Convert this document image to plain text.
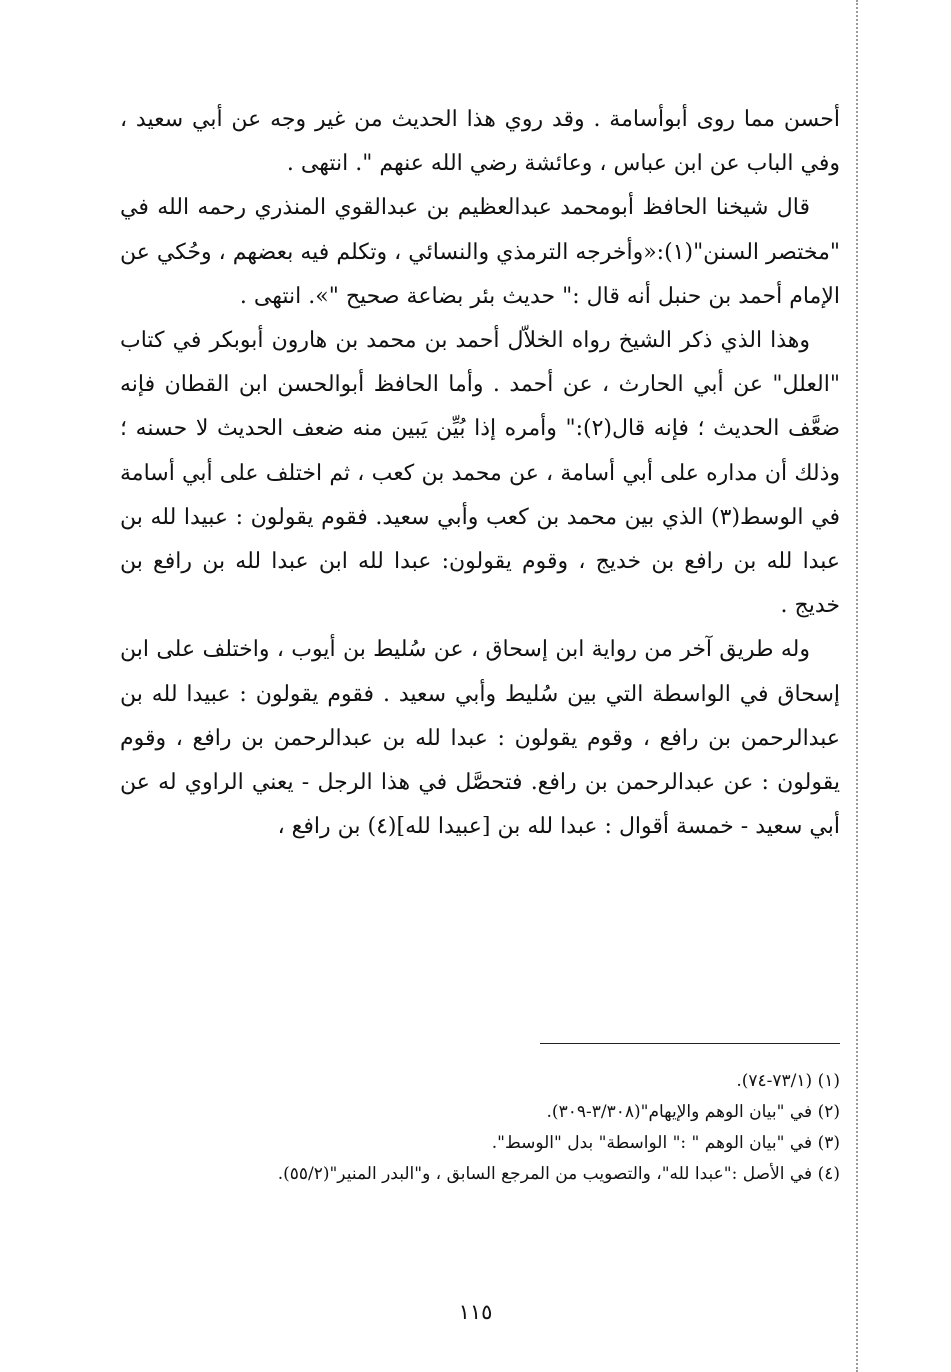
أحسن مما روى أبوأسامة . وقد روي هذا الحديث من غير وجه عن أبي سعيد ، وفي الباب عن ابن عباس ، وعائشة رضي الله عنهم ". انتهى .

قال شيخنا الحافظ أبومحمد عبدالعظيم بن عبدالقوي المنذري رحمه الله في "مختصر السنن"(١):«وأخرجه الترمذي والنسائي ، وتكلم فيه بعضهم ، وحُكي عن الإمام أحمد بن حنبل أنه قال :" حديث بئر بضاعة صحيح "». انتهى .

وهذا الذي ذكر الشيخ رواه الخلاّل أحمد بن محمد بن هارون أبوبكر في كتاب "العلل" عن أبي الحارث ، عن أحمد . وأما الحافظ أبوالحسن ابن القطان فإنه ضعَّف الحديث ؛ فإنه قال(٢):" وأمره إذا بُيِّن يَبين منه ضعف الحديث لا حسنه ؛ وذلك أن مداره على أبي أسامة ، عن محمد بن كعب ، ثم اختلف على أبي أسامة في الوسط(٣) الذي بين محمد بن كعب وأبي سعيد. فقوم يقولون : عبيدا لله بن عبدا لله بن رافع بن خديج ، وقوم يقولون: عبدا لله ابن عبدا لله بن رافع بن خديج .

وله طريق آخر من رواية ابن إسحاق ، عن سُليط بن أيوب ، واختلف على ابن إسحاق في الواسطة التي بين سُليط وأبي سعيد . فقوم يقولون : عبيدا لله بن عبدالرحمن بن رافع ، وقوم يقولون : عبدا لله بن عبدالرحمن بن رافع ، وقوم يقولون : عن عبدالرحمن بن رافع. فتحصَّل في هذا الرجل - يعني الراوي له عن أبي سعيد - خمسة أقوال : عبدا لله بن [عبيدا لله](٤) بن رافع ،

(١) (٧٣/١-٧٤).

(٢) في "بيان الوهم والإيهام"(٣/٣٠٨-٣٠٩).

(٣) في "بيان الوهم " :" الواسطة" بدل "الوسط".

(٤) في الأصل :"عبدا لله"، والتصويب من المرجع السابق ، و"البدر المنير"(٥٥/٢).

١١٥
